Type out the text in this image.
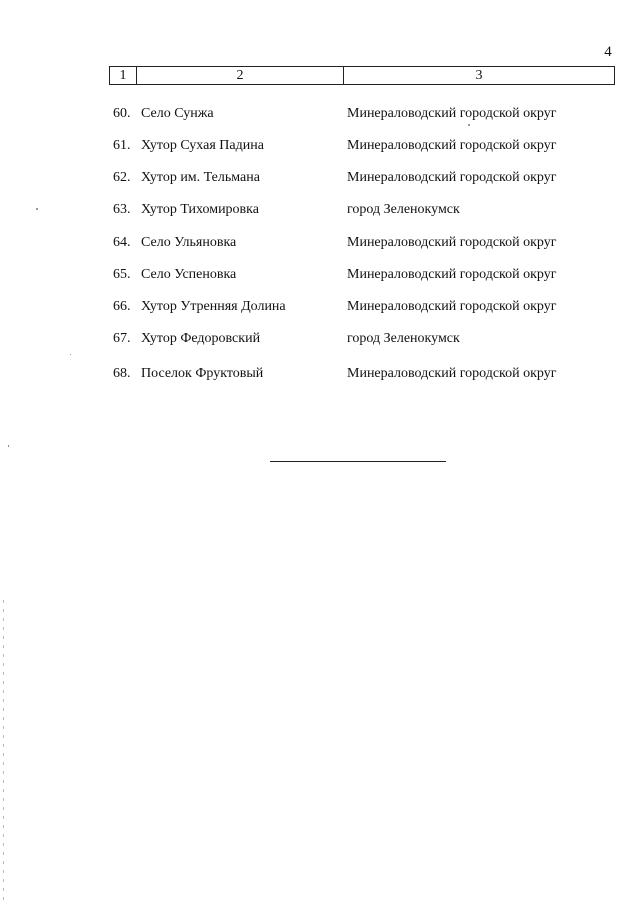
4
1	2	3
60. Село Сунжа	Минераловодский городской округ
61. Хутор Сухая Падина	Минераловодский городской округ
62. Хутор им. Тельмана	Минераловодский городской округ
63. Хутор Тихомировка	город Зеленокумск
64. Село Ульяновка	Минераловодский городской округ
65. Село Успеновка	Минераловодский городской округ
66. Хутор Утренняя Долина	Минераловодский городской округ
67. Хутор Федоровский	город Зеленокумск
68. Поселок Фруктовый	Минераловодский городской округ
